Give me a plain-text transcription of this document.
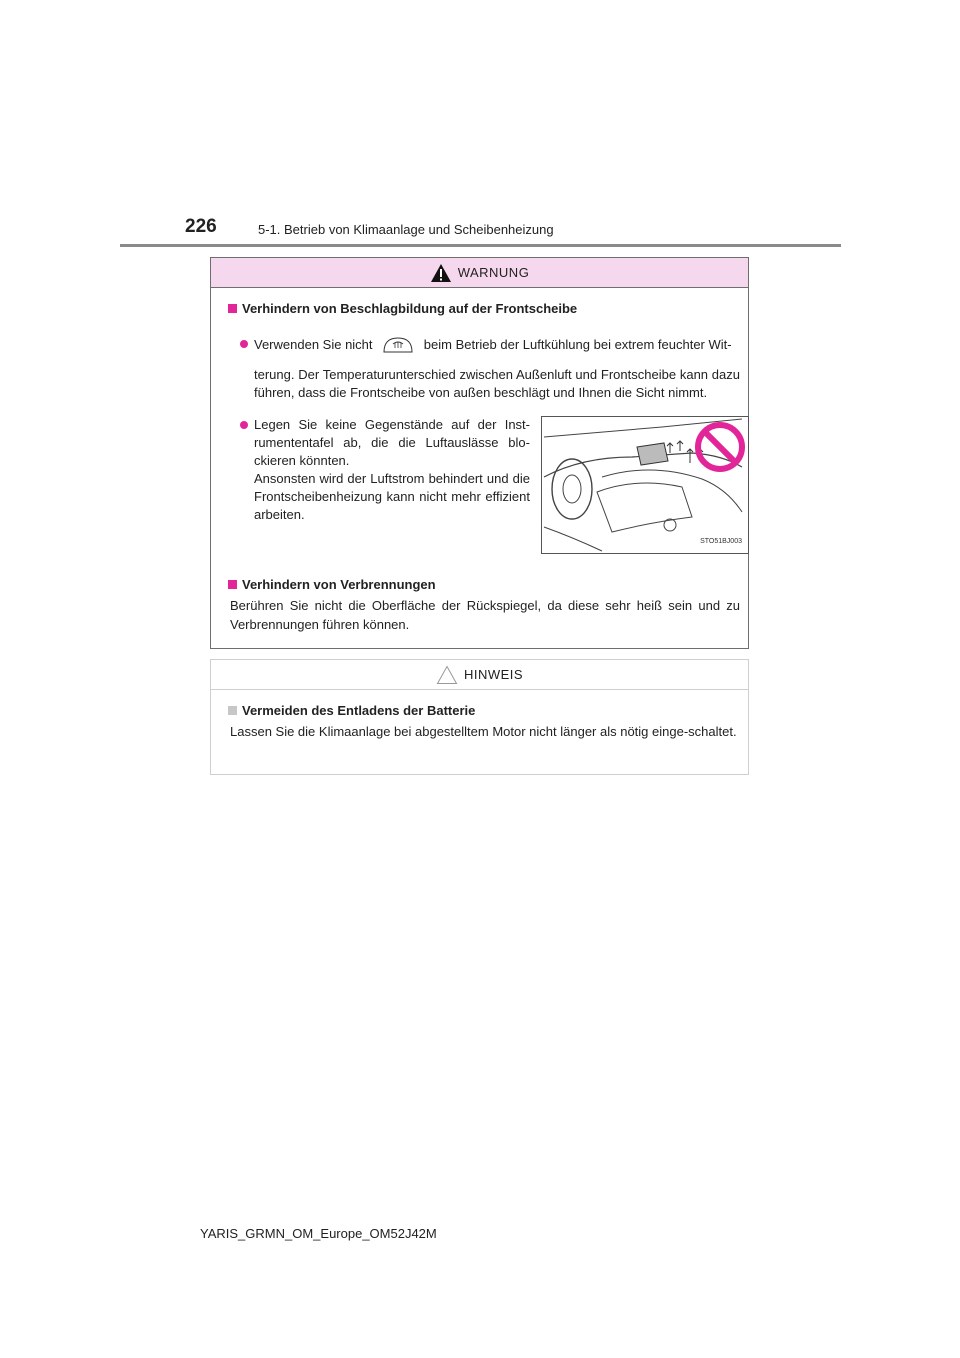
226	5-1. Betrieb von Klimaanlage und Scheibenheizung
WARNUNG
Verhindern von Beschlagbildung auf der Frontscheibe
Verwenden Sie nicht	beim Betrieb der Luftkühlung bei extrem feuchter Wit-
terung. Der Temperaturunterschied zwischen Außenluft und Frontscheibe kann dazu führen, dass die Frontscheibe von außen beschlägt und Ihnen die Sicht nimmt.
Legen Sie keine Gegenstände auf der Inst-rumententafel ab, die die Luftauslässe blo-ckieren könnten.
Ansonsten wird der Luftstrom behindert und die Frontscheibenheizung kann nicht mehr effizient arbeiten.
STO51BJ003
Verhindern von Verbrennungen
Berühren Sie nicht die Oberfläche der Rückspiegel, da diese sehr heiß sein und zu Verbrennungen führen können.
HINWEIS
Vermeiden des Entladens der Batterie
Lassen Sie die Klimaanlage bei abgestelltem Motor nicht länger als nötig einge-schaltet.
YARIS_GRMN_OM_Europe_OM52J42M
